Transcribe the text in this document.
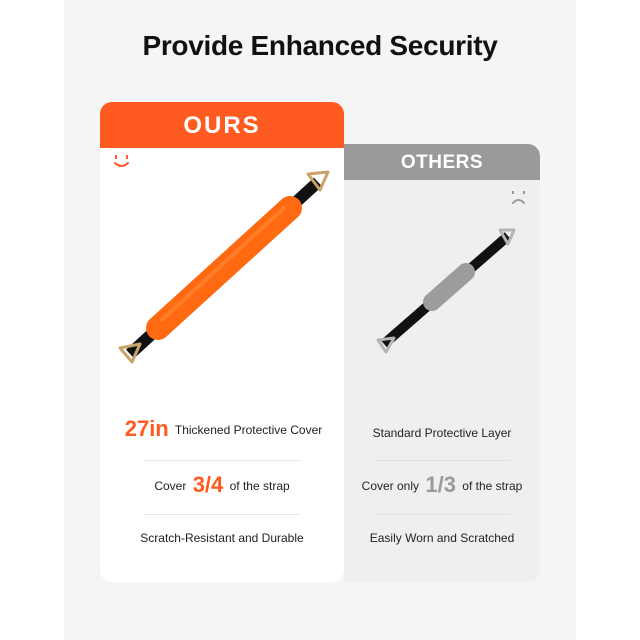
Provide Enhanced Security
OURS
27in Thickened Protective Cover
Cover 3/4 of the strap
Scratch-Resistant and Durable
OTHERS
Standard Protective Layer
Cover only 1/3 of the strap
Easily Worn and Scratched
